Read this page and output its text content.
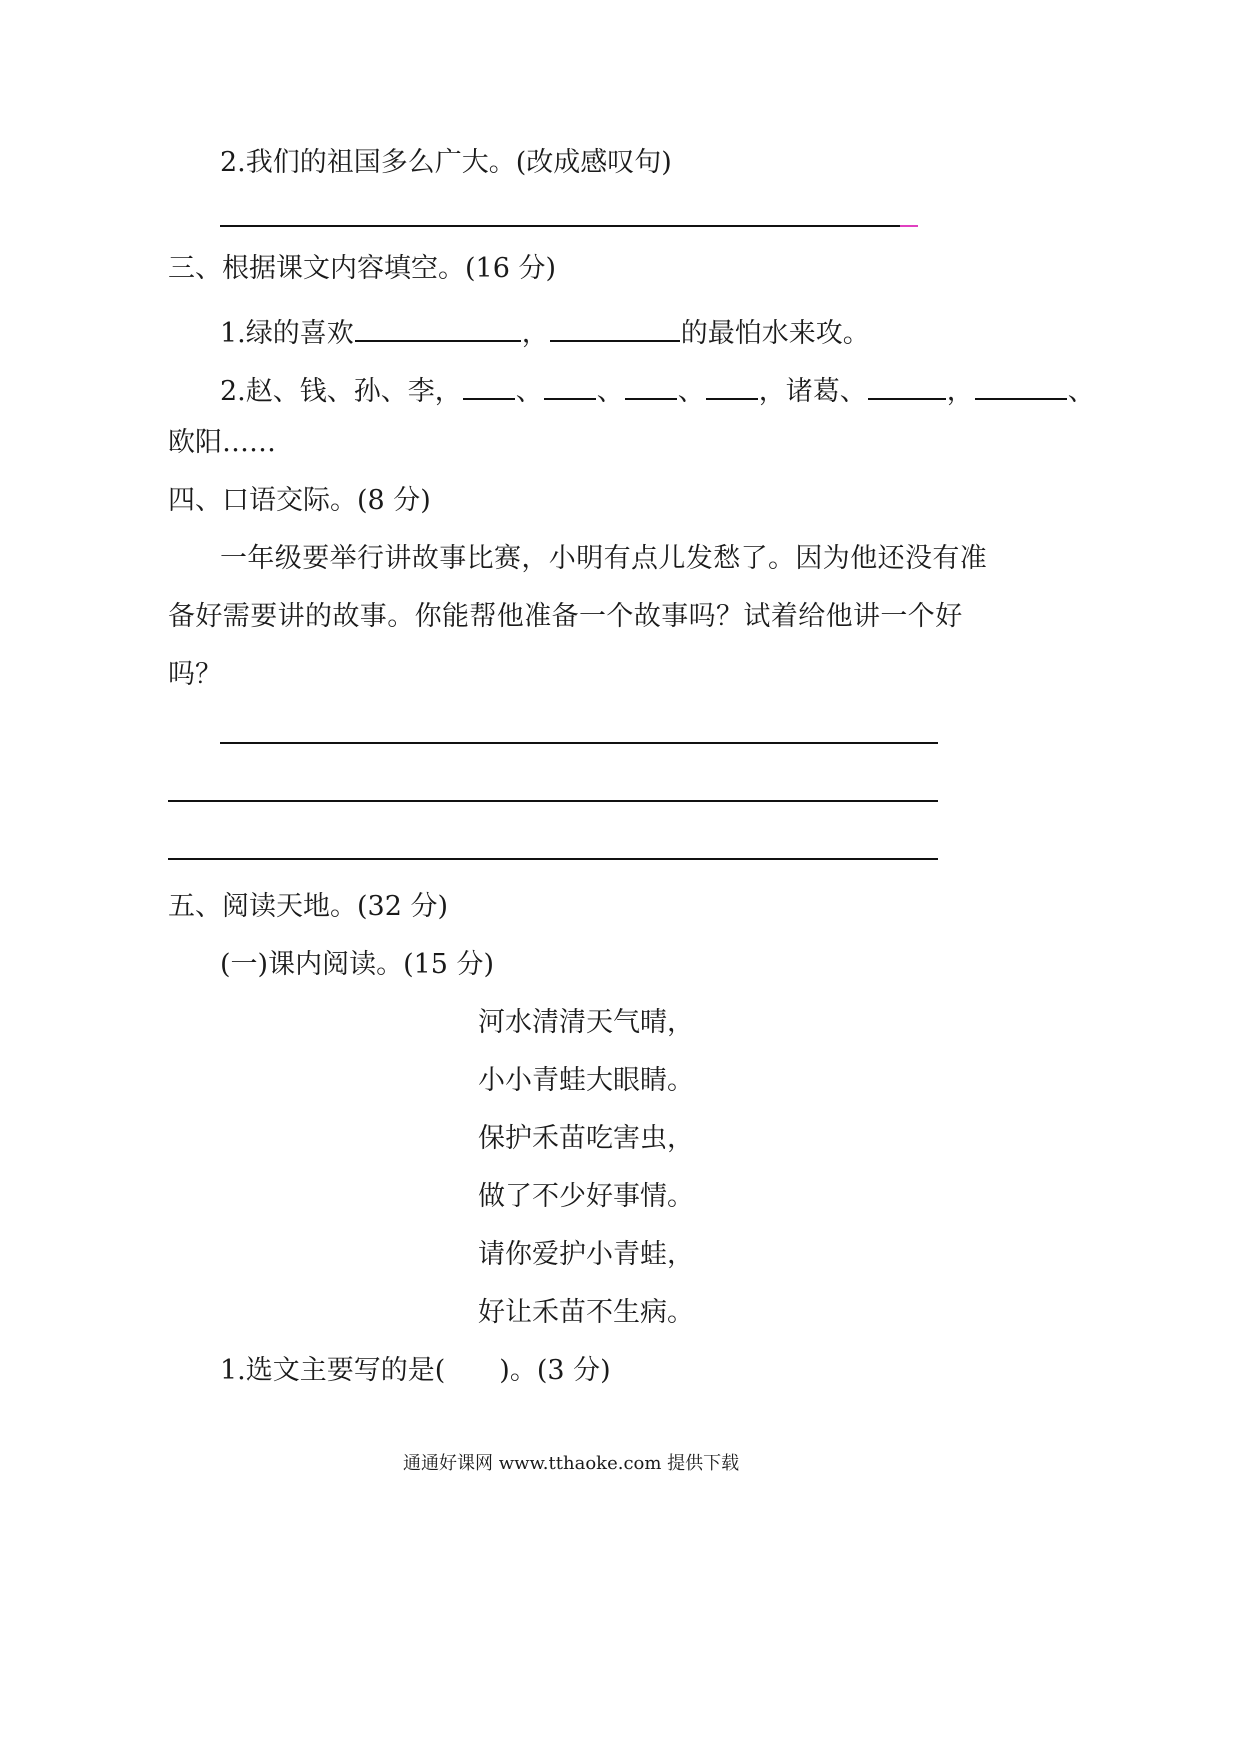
2.我们的祖国多么广大。(改成感叹句)
三、根据课文内容填空。(16 分)
1.绿的喜欢	，	的最怕水来攻。
2.赵、钱、孙、李， 、 、 、 ，诸葛、	，	、
欧阳……
四、口语交际。(8 分)
一年级要举行讲故事比赛，小明有点儿发愁了。因为他还没有准
备好需要讲的故事。你能帮他准备一个故事吗？试着给他讲一个好
吗？
五、阅读天地。(32 分)
(一)课内阅读。(15 分)
河水清清天气晴，
小小青蛙大眼睛。
保护禾苗吃害虫，
做了不少好事情。
请你爱护小青蛙，
好让禾苗不生病。
1.选文主要写的是( )。(3 分)
通通好课网 www.tthaoke.com 提供下载
